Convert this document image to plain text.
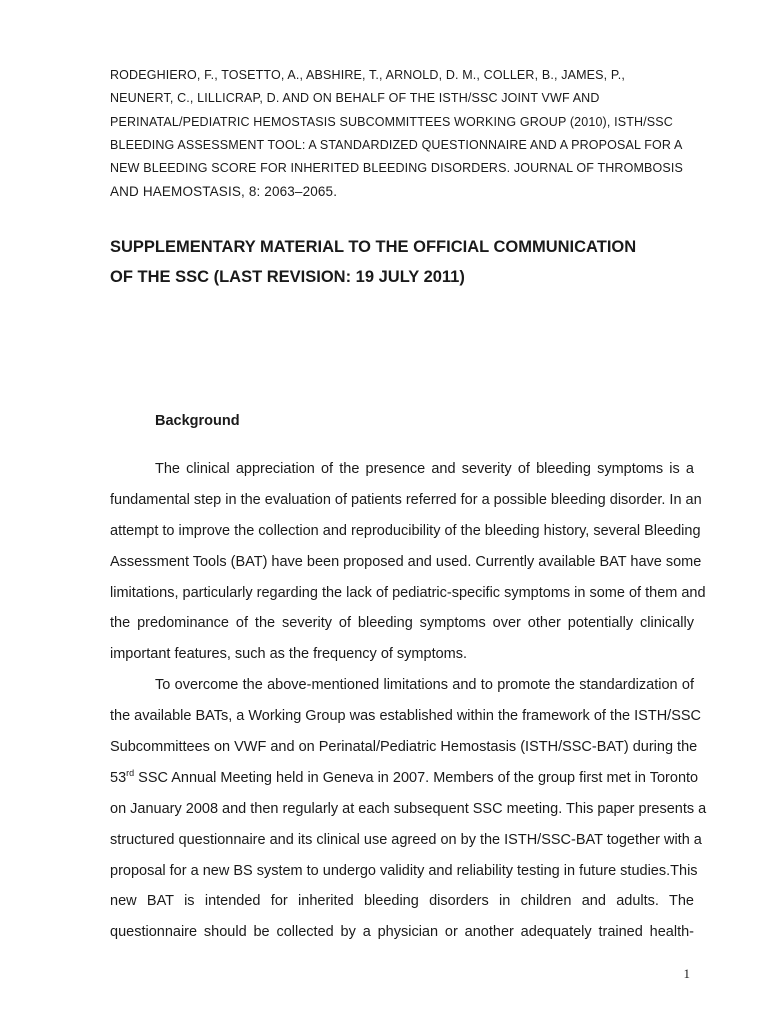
RODEGHIERO, F., TOSETTO, A., ABSHIRE, T., ARNOLD, D. M., COLLER, B., JAMES, P.,
NEUNERT, C., LILLICRAP, D. AND ON BEHALF OF THE ISTH/SSC JOINT VWF AND
PERINATAL/PEDIATRIC HEMOSTASIS SUBCOMMITTEES WORKING GROUP (2010), ISTH/SSC
BLEEDING ASSESSMENT TOOL: A STANDARDIZED QUESTIONNAIRE AND A PROPOSAL FOR A
NEW BLEEDING SCORE FOR INHERITED BLEEDING DISORDERS. JOURNAL OF THROMBOSIS
AND HAEMOSTASIS, 8: 2063–2065.
SUPPLEMENTARY MATERIAL TO THE OFFICIAL COMMUNICATION
OF THE SSC (LAST REVISION: 19 JULY 2011)
Background
The clinical appreciation of the presence and severity of bleeding symptoms is a
fundamental step in the evaluation of patients referred for a possible bleeding disorder. In an
attempt to improve the collection and reproducibility of the bleeding history, several Bleeding
Assessment Tools (BAT) have been proposed and used. Currently available BAT have some
limitations, particularly regarding the lack of pediatric-specific symptoms in some of them and
the predominance of the severity of bleeding symptoms over other potentially clinically
important features, such as the frequency of symptoms.
To overcome the above-mentioned limitations and to promote the standardization of
the available BATs, a Working Group was established within the framework of the ISTH/SSC
Subcommittees on VWF and on Perinatal/Pediatric Hemostasis (ISTH/SSC-BAT) during the
53rd SSC Annual Meeting held in Geneva in 2007. Members of the group first met in Toronto
on January 2008 and then regularly at each subsequent SSC meeting. This paper presents a
structured questionnaire and its clinical use agreed on by the ISTH/SSC-BAT together with a
proposal for a new BS system to undergo validity and reliability testing in future studies.This
new BAT is intended for inherited bleeding disorders in children and adults. The
questionnaire should be collected by a physician or another adequately trained health-
1
